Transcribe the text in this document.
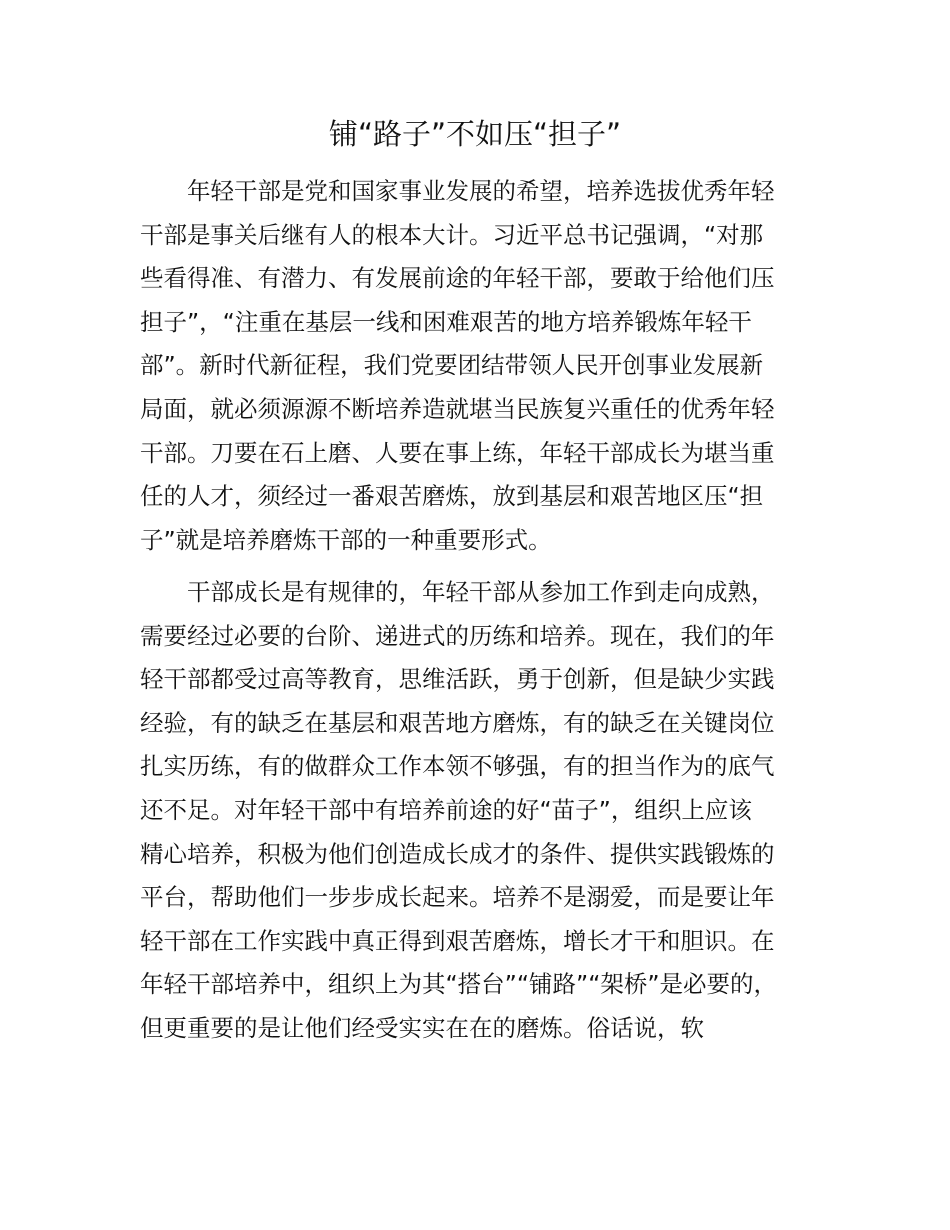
铺“路子”不如压“担子”
　　年轻干部是党和国家事业发展的希望，培养选拔优秀年轻
干部是事关后继有人的根本大计。习近平总书记强调，“对那
些看得准、有潜力、有发展前途的年轻干部，要敢于给他们压
担子”，“注重在基层一线和困难艰苦的地方培养锻炼年轻干
部”。新时代新征程，我们党要团结带领人民开创事业发展新
局面，就必须源源不断培养造就堪当民族复兴重任的优秀年轻
干部。刀要在石上磨、人要在事上练，年轻干部成长为堪当重
任的人才，须经过一番艰苦磨炼，放到基层和艰苦地区压“担
子”就是培养磨炼干部的一种重要形式。
　　干部成长是有规律的，年轻干部从参加工作到走向成熟，
需要经过必要的台阶、递进式的历练和培养。现在，我们的年
轻干部都受过高等教育，思维活跃，勇于创新，但是缺少实践
经验，有的缺乏在基层和艰苦地方磨炼，有的缺乏在关键岗位
扎实历练，有的做群众工作本领不够强，有的担当作为的底气
还不足。对年轻干部中有培养前途的好“苗子”，组织上应该
精心培养，积极为他们创造成长成才的条件、提供实践锻炼的
平台，帮助他们一步步成长起来。培养不是溺爱，而是要让年
轻干部在工作实践中真正得到艰苦磨炼，增长才干和胆识。在
年轻干部培养中，组织上为其“搭台”“铺路”“架桥”是必要的，
但更重要的是让他们经受实实在在的磨炼。俗话说，软
